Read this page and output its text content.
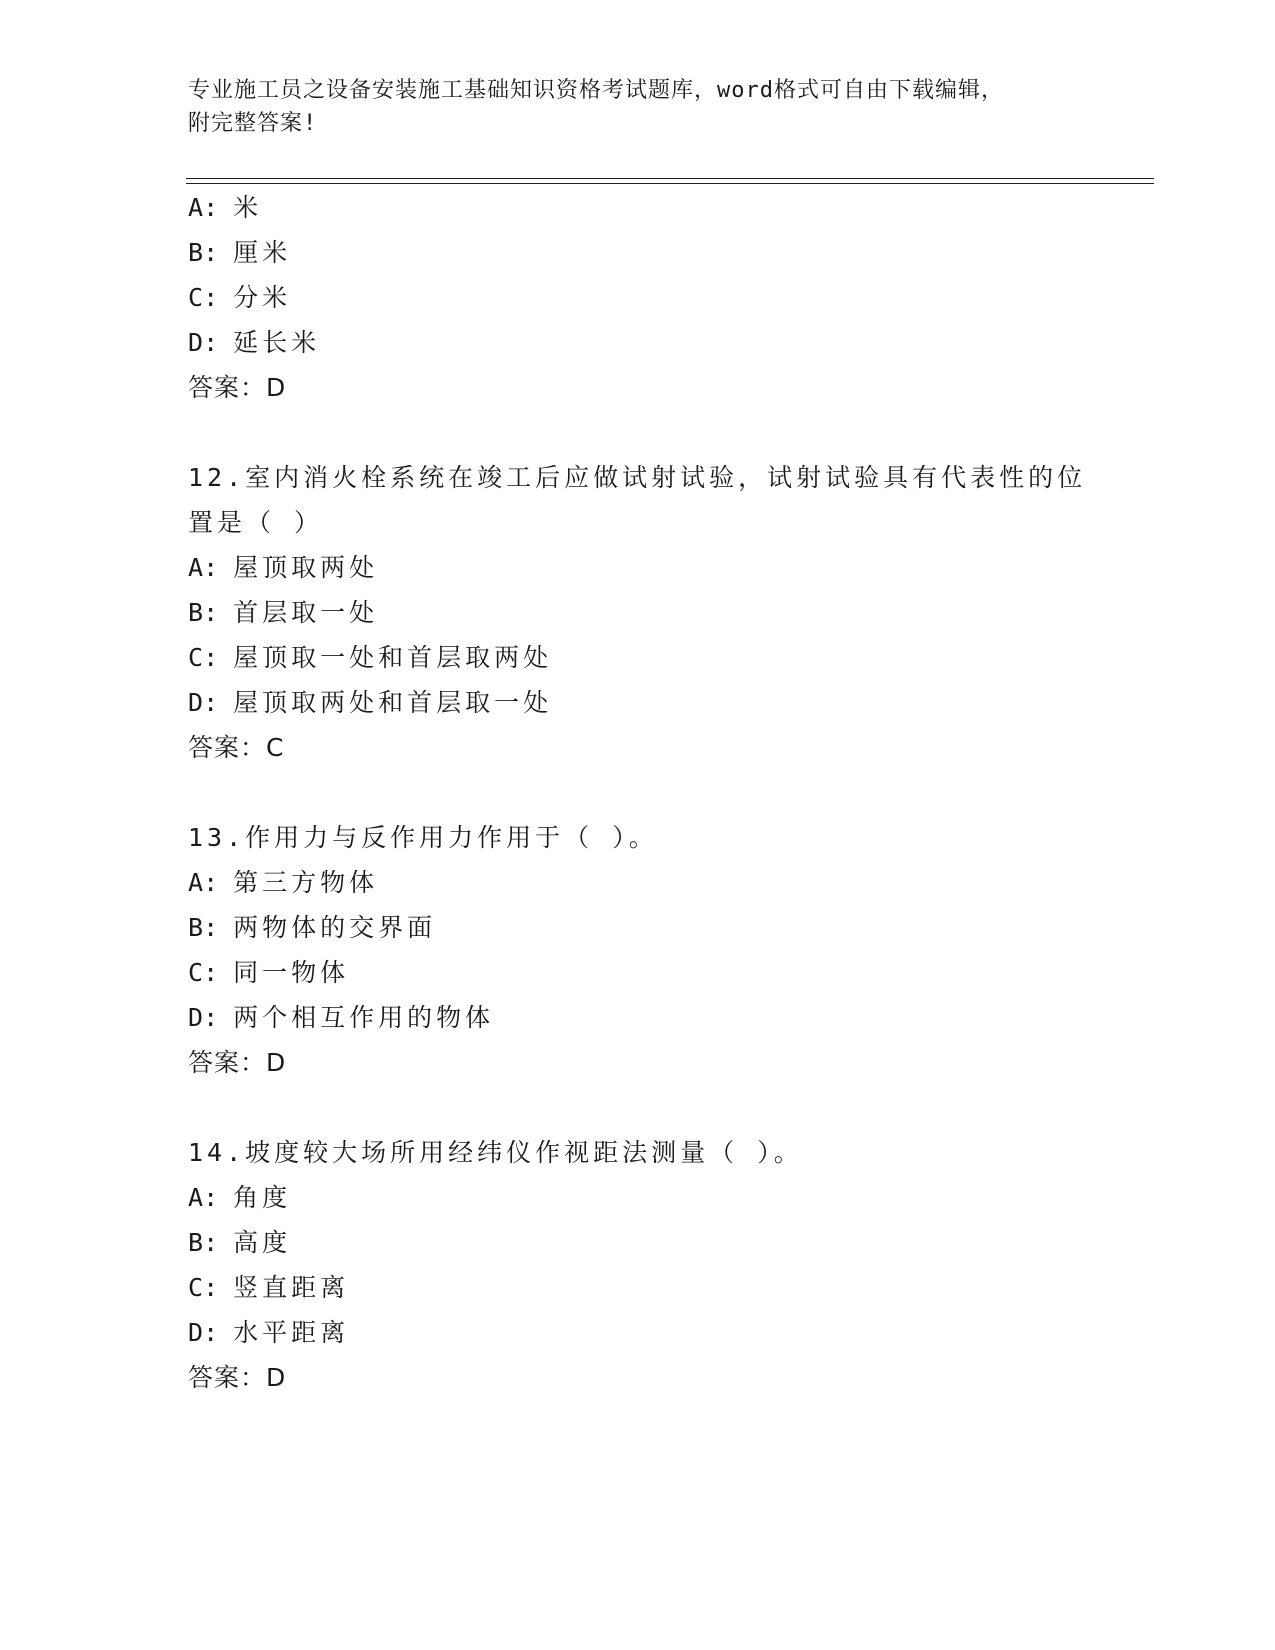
专业施工员之设备安装施工基础知识资格考试题库，word格式可自由下载编辑，
附完整答案!
A: 米
B: 厘米
C: 分米
D: 延长米
答案：D
12.室内消火栓系统在竣工后应做试射试验，试射试验具有代表性的位
置是（ ）
A: 屋顶取两处
B: 首层取一处
C: 屋顶取一处和首层取两处
D: 屋顶取两处和首层取一处
答案：C
13.作用力与反作用力作用于（ ）。
A: 第三方物体
B: 两物体的交界面
C: 同一物体
D: 两个相互作用的物体
答案：D
14.坡度较大场所用经纬仪作视距法测量（ ）。
A: 角度
B: 高度
C: 竖直距离
D: 水平距离
答案：D
